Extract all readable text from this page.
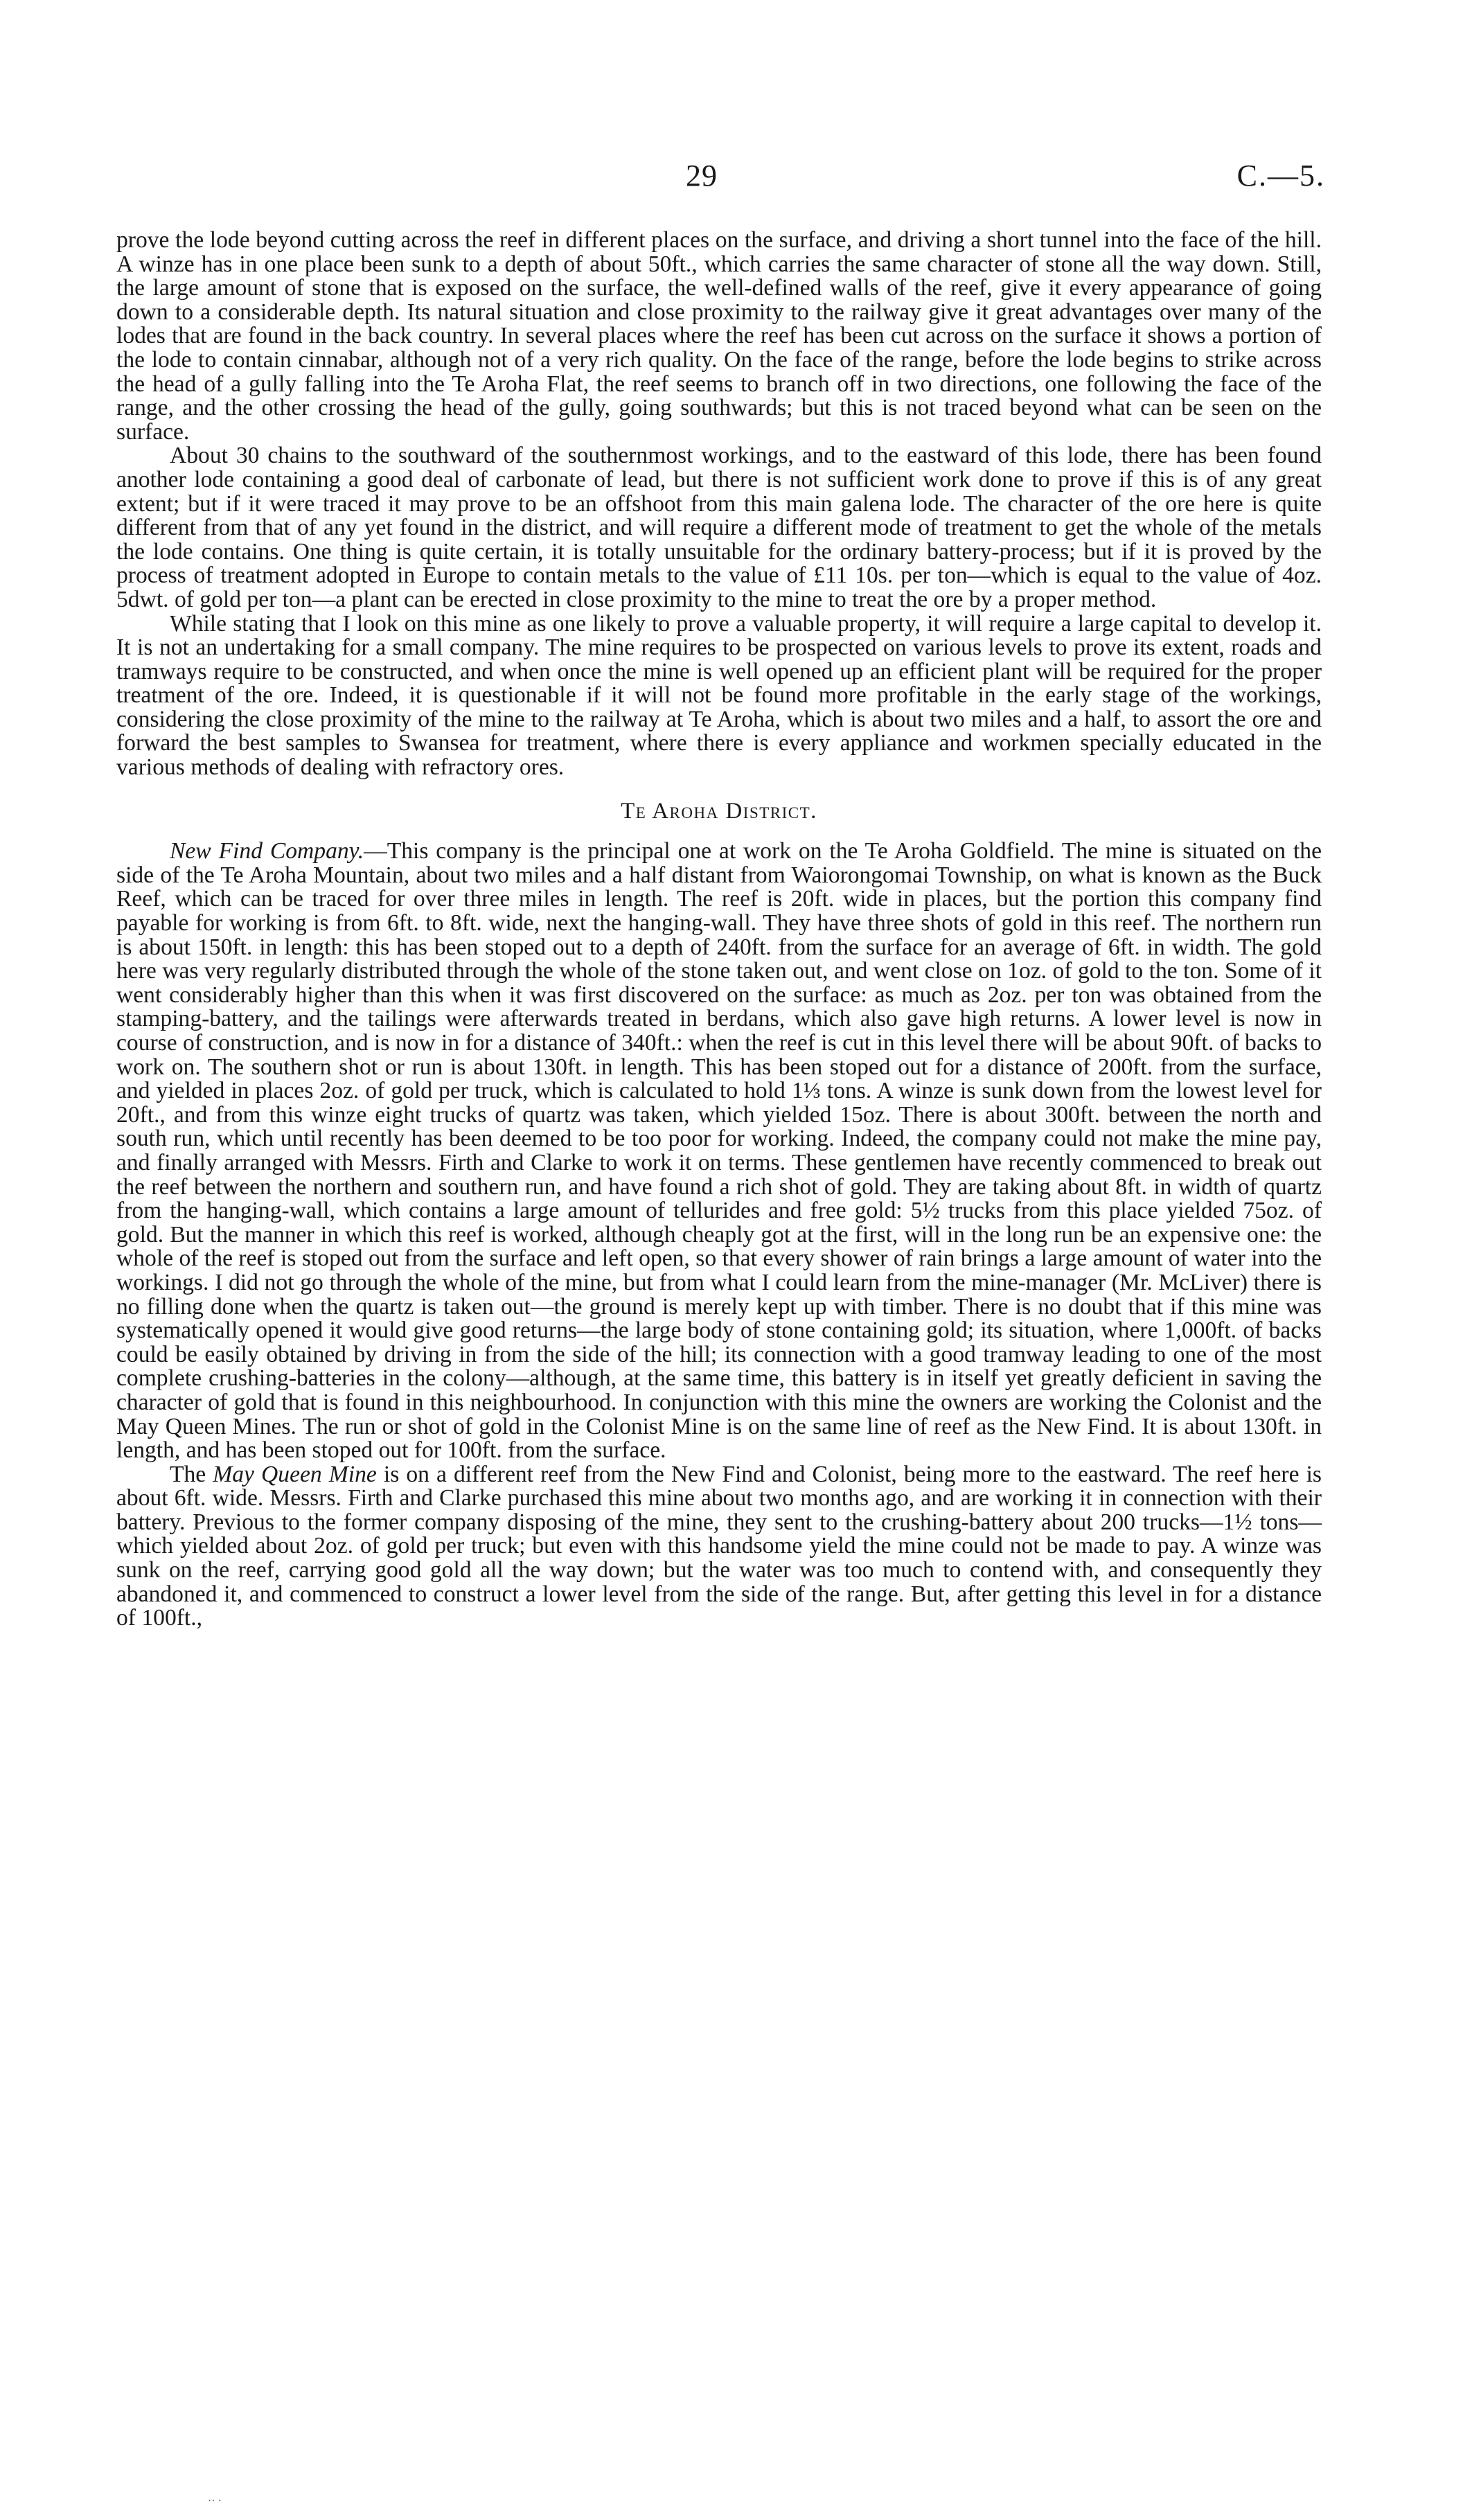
29	C.—5.

prove the lode beyond cutting across the reef in different places on the surface, and driving a short tunnel into the face of the hill. A winze has in one place been sunk to a depth of about 50ft., which carries the same character of stone all the way down. Still, the large amount of stone that is exposed on the surface, the well-defined walls of the reef, give it every appearance of going down to a considerable depth. Its natural situation and close proximity to the railway give it great advantages over many of the lodes that are found in the back country. In several places where the reef has been cut across on the surface it shows a portion of the lode to contain cinnabar, although not of a very rich quality. On the face of the range, before the lode begins to strike across the head of a gully falling into the Te Aroha Flat, the reef seems to branch off in two directions, one following the face of the range, and the other crossing the head of the gully, going southwards; but this is not traced beyond what can be seen on the surface.

About 30 chains to the southward of the southernmost workings, and to the eastward of this lode, there has been found another lode containing a good deal of carbonate of lead, but there is not sufficient work done to prove if this is of any great extent; but if it were traced it may prove to be an offshoot from this main galena lode. The character of the ore here is quite different from that of any yet found in the district, and will require a different mode of treatment to get the whole of the metals the lode contains. One thing is quite certain, it is totally unsuitable for the ordinary battery-process; but if it is proved by the process of treatment adopted in Europe to contain metals to the value of £11 10s. per ton—which is equal to the value of 4oz. 5dwt. of gold per ton—a plant can be erected in close proximity to the mine to treat the ore by a proper method.

While stating that I look on this mine as one likely to prove a valuable property, it will require a large capital to develop it. It is not an undertaking for a small company. The mine requires to be prospected on various levels to prove its extent, roads and tramways require to be constructed, and when once the mine is well opened up an efficient plant will be required for the proper treatment of the ore. Indeed, it is questionable if it will not be found more profitable in the early stage of the workings, considering the close proximity of the mine to the railway at Te Aroha, which is about two miles and a half, to assort the ore and forward the best samples to Swansea for treatment, where there is every appliance and workmen specially educated in the various methods of dealing with refractory ores.

Te Aroha District.

New Find Company.—This company is the principal one at work on the Te Aroha Goldfield. The mine is situated on the side of the Te Aroha Mountain, about two miles and a half distant from Waiorongomai Township, on what is known as the Buck Reef, which can be traced for over three miles in length. The reef is 20ft. wide in places, but the portion this company find payable for working is from 6ft. to 8ft. wide, next the hanging-wall. They have three shots of gold in this reef. The northern run is about 150ft. in length: this has been stoped out to a depth of 240ft. from the surface for an average of 6ft. in width. The gold here was very regularly distributed through the whole of the stone taken out, and went close on 1oz. of gold to the ton. Some of it went considerably higher than this when it was first discovered on the surface: as much as 2oz. per ton was obtained from the stamping-battery, and the tailings were afterwards treated in berdans, which also gave high returns. A lower level is now in course of construction, and is now in for a distance of 340ft.: when the reef is cut in this level there will be about 90ft. of backs to work on. The southern shot or run is about 130ft. in length. This has been stoped out for a distance of 200ft. from the surface, and yielded in places 2oz. of gold per truck, which is calculated to hold 1⅓ tons. A winze is sunk down from the lowest level for 20ft., and from this winze eight trucks of quartz was taken, which yielded 15oz. There is about 300ft. between the north and south run, which until recently has been deemed to be too poor for working. Indeed, the company could not make the mine pay, and finally arranged with Messrs. Firth and Clarke to work it on terms. These gentlemen have recently commenced to break out the reef between the northern and southern run, and have found a rich shot of gold. They are taking about 8ft. in width of quartz from the hanging-wall, which contains a large amount of tellurides and free gold: 5½ trucks from this place yielded 75oz. of gold. But the manner in which this reef is worked, although cheaply got at the first, will in the long run be an expensive one: the whole of the reef is stoped out from the surface and left open, so that every shower of rain brings a large amount of water into the workings. I did not go through the whole of the mine, but from what I could learn from the mine-manager (Mr. McLiver) there is no filling done when the quartz is taken out—the ground is merely kept up with timber. There is no doubt that if this mine was systematically opened it would give good returns—the large body of stone containing gold; its situation, where 1,000ft. of backs could be easily obtained by driving in from the side of the hill; its connection with a good tramway leading to one of the most complete crushing-batteries in the colony—although, at the same time, this battery is in itself yet greatly deficient in saving the character of gold that is found in this neighbourhood. In conjunction with this mine the owners are working the Colonist and the May Queen Mines. The run or shot of gold in the Colonist Mine is on the same line of reef as the New Find. It is about 130ft. in length, and has been stoped out for 100ft. from the surface.

The May Queen Mine is on a different reef from the New Find and Colonist, being more to the eastward. The reef here is about 6ft. wide. Messrs. Firth and Clarke purchased this mine about two months ago, and are working it in connection with their battery. Previous to the former company disposing of the mine, they sent to the crushing-battery about 200 trucks—1½ tons—which yielded about 2oz. of gold per truck; but even with this handsome yield the mine could not be made to pay. A winze was sunk on the reef, carrying good gold all the way down; but the water was too much to contend with, and consequently they abandoned it, and commenced to construct a lower level from the side of the range. But, after getting this level in for a distance of 100ft.,

·· ·
